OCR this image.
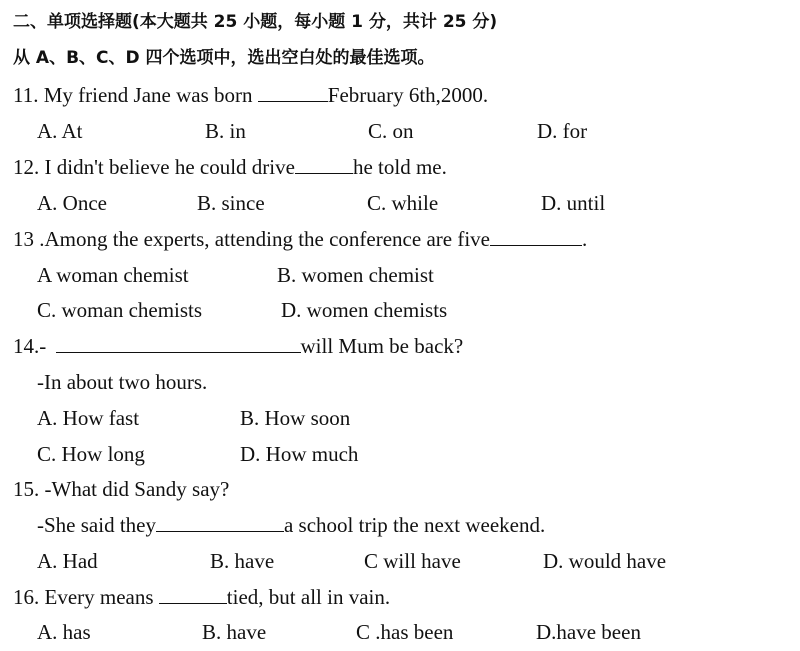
二、单项选择题(本大题共 25 小题，每小题 1 分，共计 25 分)
从 A、B、C、D 四个选项中，选出空白处的最佳选项。
11. My friend Jane was born	February 6th,2000.
A. At	B. in	C. on	D. for
12. I didn't believe he could drive	he told me.
A. Once	B. since	C. while	D. until
13 .Among the experts, attending the conference are five	.
A woman chemist	B. women chemist
C. woman chemists	D. women chemists
14.-	will Mum be back?
-In about two hours.
A. How fast	B. How soon
C. How long	D. How much
15. -What did Sandy say?
-She said they	a school trip the next weekend.
A. Had	B. have	C will have	D. would have
16. Every means	tied, but all in vain.
A. has	B. have	C .has been	D.have been
